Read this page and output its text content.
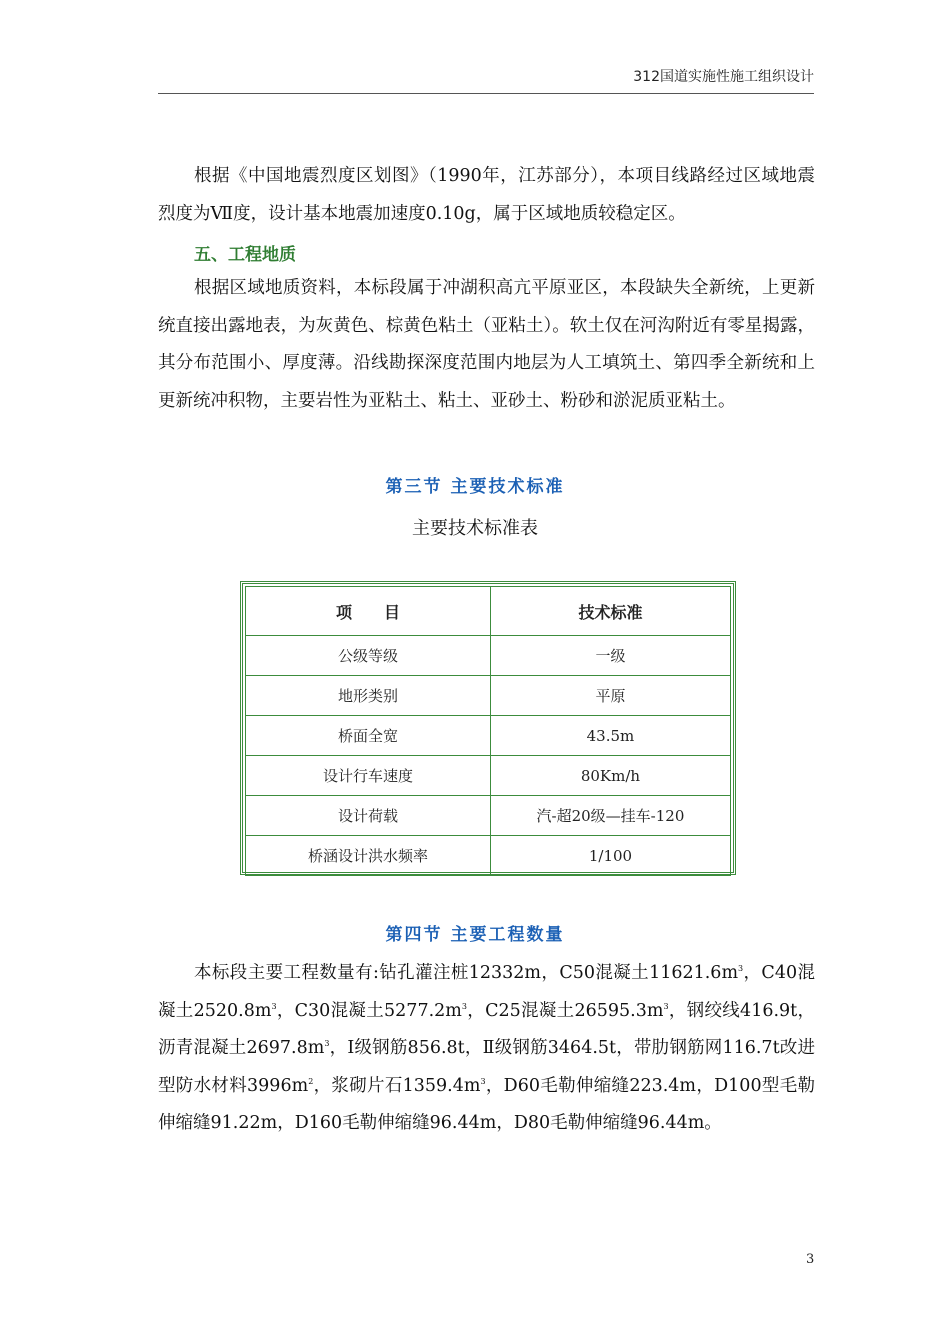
312国道实施性施工组织设计

根据《中国地震烈度区划图》（1990年，江苏部分），本项目线路经过区域地震烈度为Ⅶ度，设计基本地震加速度0.10g，属于区域地质较稳定区。

五、工程地质

根据区域地质资料，本标段属于冲湖积高亢平原亚区，本段缺失全新统，上更新统直接出露地表，为灰黄色、棕黄色粘土（亚粘土）。软土仅在河沟附近有零星揭露，其分布范围小、厚度薄。沿线勘探深度范围内地层为人工填筑土、第四季全新统和上更新统冲积物，主要岩性为亚粘土、粘土、亚砂土、粉砂和淤泥质亚粘土。

第三节 主要技术标准
主要技术标准表
项　　目	技术标准
公级等级	一级
地形类别	平原
桥面全宽	43.5m
设计行车速度	80Km/h
设计荷载	汽-超20级—挂车-120
桥涵设计洪水频率	1/100
第四节 主要工程数量

本标段主要工程数量有:钻孔灌注桩12332m，C50混凝土$11621.6m^3$，C40混凝土$2520.8m^3$，C30混凝土$5277.2m^3$，C25混凝土$26595.3m^3$，钢绞线416.9t，沥青混凝土$2697.8m^3$，Ⅰ级钢筋856.8t，Ⅱ级钢筋3464.5t，带肋钢筋网116.7t改进型防水材料$3996m^2$，浆砌片石$1359.4m^3$，D60毛勒伸缩缝223.4m，D100型毛勒伸缩缝91.22m，D160毛勒伸缩缝96.44m，D80毛勒伸缩缝96.44m。

3
